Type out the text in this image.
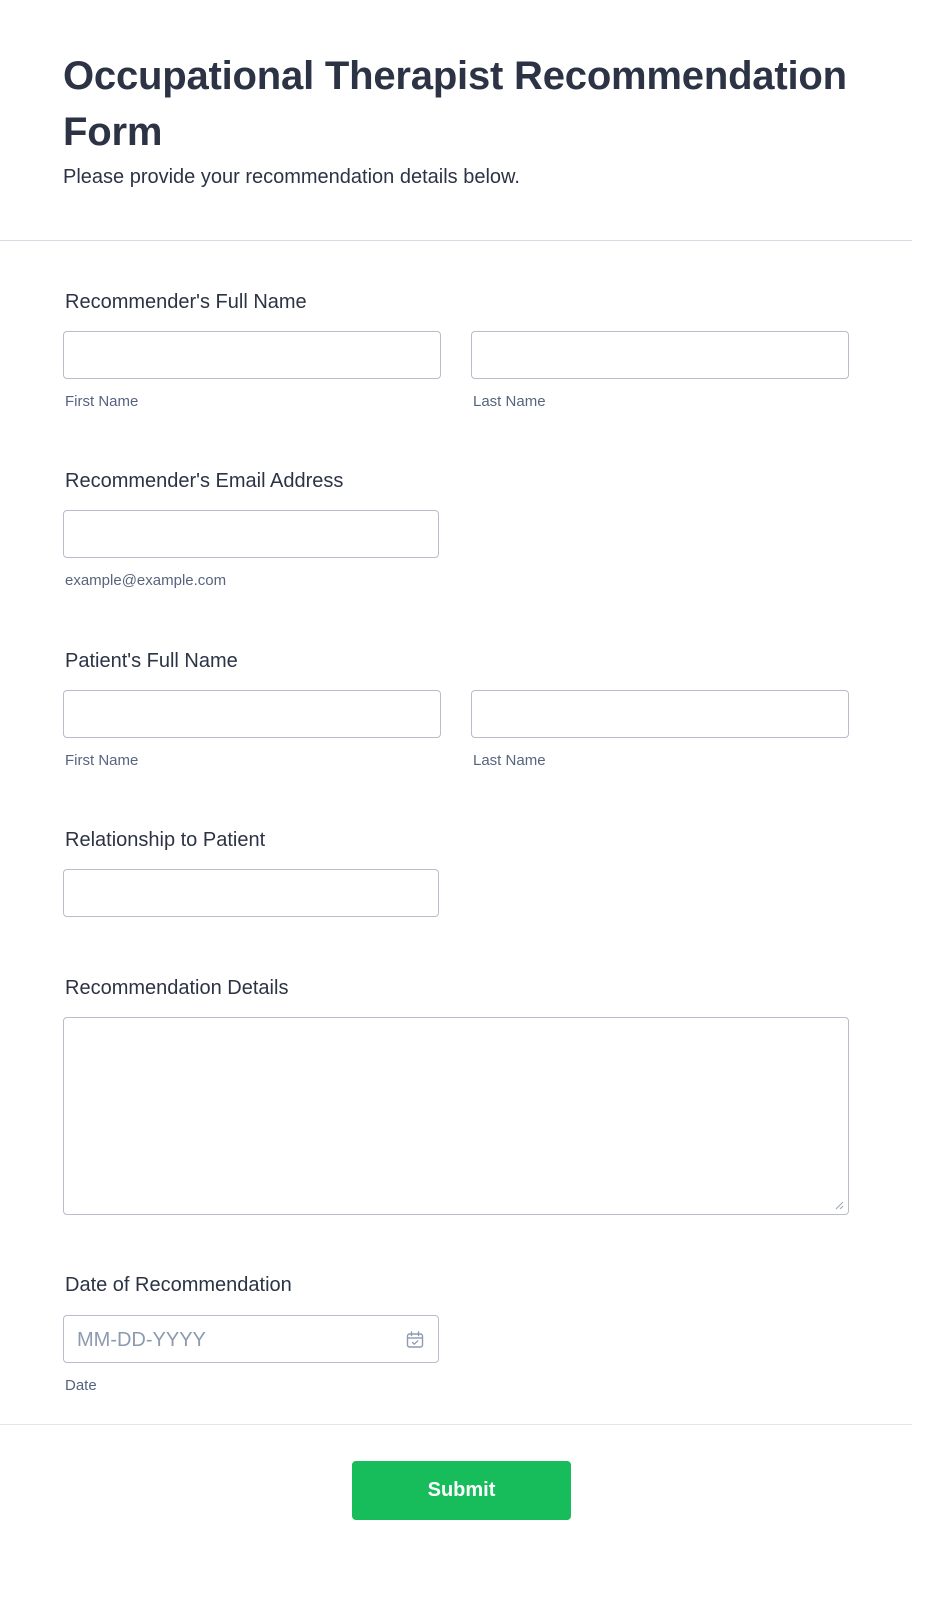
Occupational Therapist Recommendation Form

Please provide your recommendation details below.

Recommender's Full Name
First Name	Last Name
Recommender's Email Address
example@example.com
Patient's Full Name
First Name	Last Name
Relationship to Patient
Recommendation Details
Date of Recommendation
MM-DD-YYYY
Date
Submit
